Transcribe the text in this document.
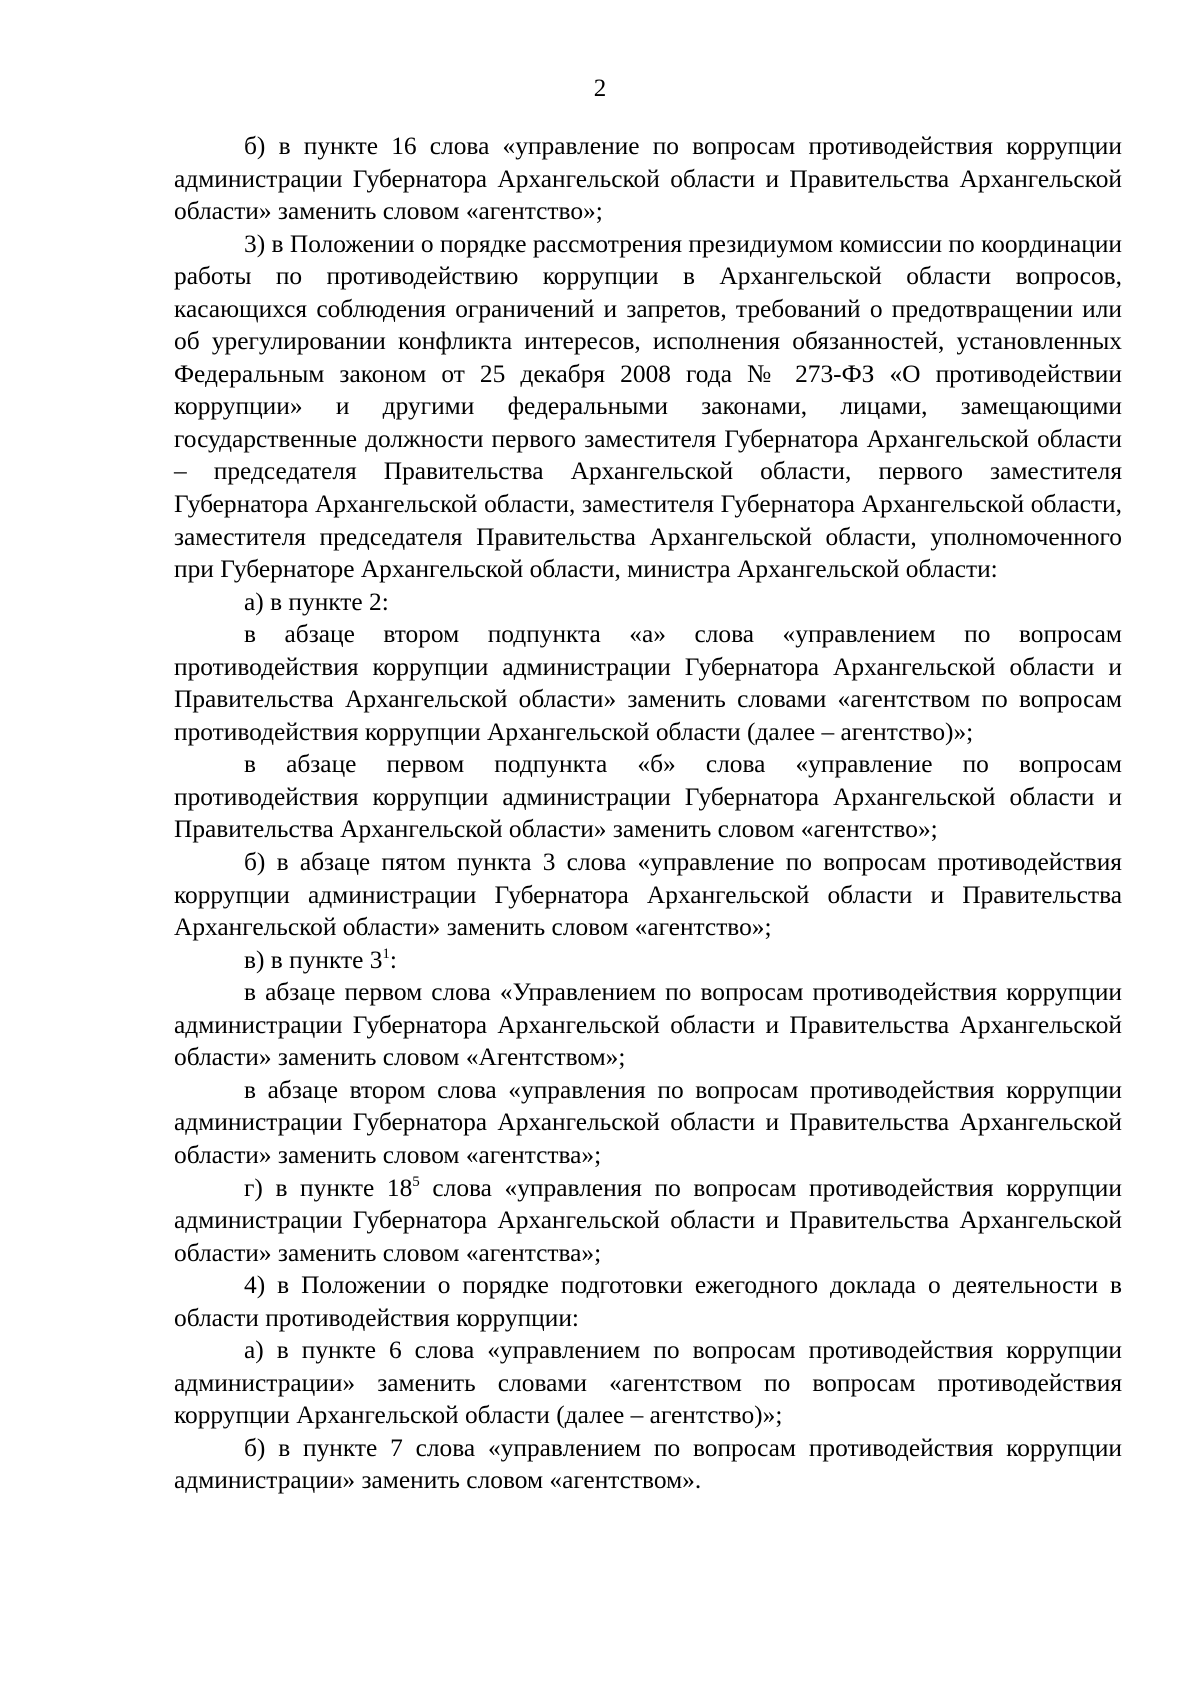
2

б) в пункте 16 слова «управление по вопросам противодействия коррупции администрации Губернатора Архангельской области и Правительства Архангельской области» заменить словом «агентство»;

3) в Положении о порядке рассмотрения президиумом комиссии по координации работы по противодействию коррупции в Архангельской области вопросов, касающихся соблюдения ограничений и запретов, требований о предотвращении или об урегулировании конфликта интересов, исполнения обязанностей, установленных Федеральным законом от 25 декабря 2008 года № 273-ФЗ «О противодействии коррупции» и другими федеральными законами, лицами, замещающими государственные должности первого заместителя Губернатора Архангельской области – председателя Правительства Архангельской области, первого заместителя Губернатора Архангельской области, заместителя Губернатора Архангельской области, заместителя председателя Правительства Архангельской области, уполномоченного при Губернаторе Архангельской области, министра Архангельской области:

а) в пункте 2:

в абзаце втором подпункта «а» слова «управлением по вопросам противодействия коррупции администрации Губернатора Архангельской области и Правительства Архангельской области» заменить словами «агентством по вопросам противодействия коррупции Архангельской области (далее – агентство)»;

в абзаце первом подпункта «б» слова «управление по вопросам противодействия коррупции администрации Губернатора Архангельской области и Правительства Архангельской области» заменить словом «агентство»;

б) в абзаце пятом пункта 3 слова «управление по вопросам противодействия коррупции администрации Губернатора Архангельской области и Правительства Архангельской области» заменить словом «агентство»;

в) в пункте $3^1$:

в абзаце первом слова «Управлением по вопросам противодействия коррупции администрации Губернатора Архангельской области и Правительства Архангельской области» заменить словом «Агентством»;

в абзаце втором слова «управления по вопросам противодействия коррупции администрации Губернатора Архангельской области и Правительства Архангельской области» заменить словом «агентства»;

г) в пункте $18^5$ слова «управления по вопросам противодействия коррупции администрации Губернатора Архангельской области и Правительства Архангельской области» заменить словом «агентства»;

4) в Положении о порядке подготовки ежегодного доклада о деятельности в области противодействия коррупции:

а) в пункте 6 слова «управлением по вопросам противодействия коррупции администрации» заменить словами «агентством по вопросам противодействия коррупции Архангельской области (далее – агентство)»;

б) в пункте 7 слова «управлением по вопросам противодействия коррупции администрации» заменить словом «агентством».
